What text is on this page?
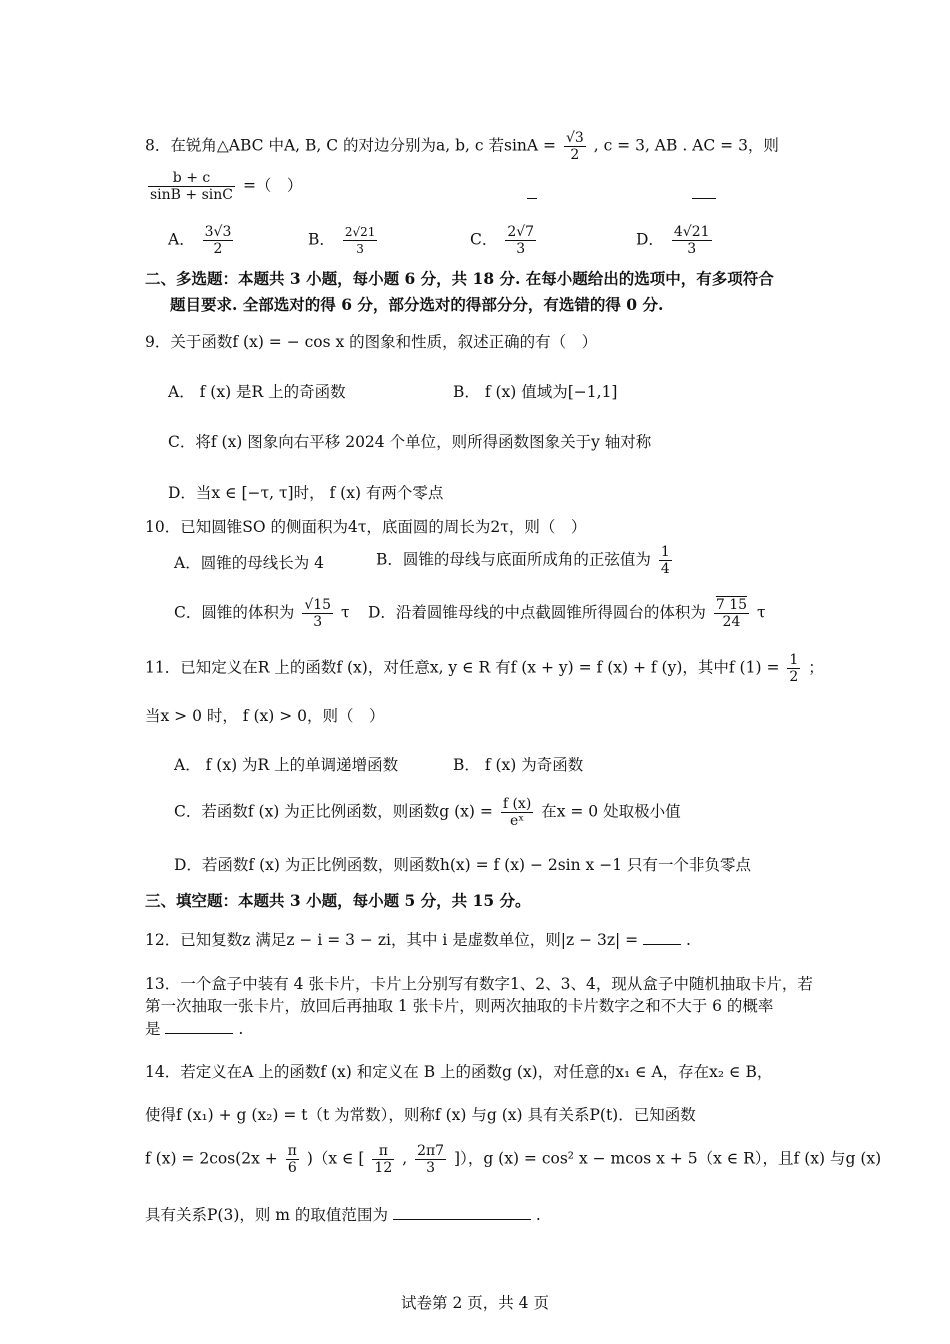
8．在锐角△ABC 中A, B, C 的对边分别为a, b, c 若$\sin A = \frac{√3}{2}$ , c = 3, AB . AC = 3，则
$\frac{b + c}{\sin B + \sin C}$ =（　）
A． $\frac{3√3}{2}$	B． $\frac{2√21}{3}$	C． $\frac{2√7}{3}$	D． $\frac{4√21}{3}$
二、多选题：本题共 3 小题，每小题 6 分，共 18 分. 在每小题给出的选项中，有多项符合
题目要求. 全部选对的得 6 分，部分选对的得部分分，有选错的得 0 分.
9．关于函数f (x) = − cos x 的图象和性质，叙述正确的有（　）
A． f (x) 是R 上的奇函数	B． f (x) 值域为[−1,1]
C．将f (x) 图象向右平移 2024 个单位，则所得函数图象关于y 轴对称
D．当x ∈ [−τ, τ]时， f (x) 有两个零点
10．已知圆锥SO 的侧面积为4τ，底面圆的周长为2τ，则（　）
A．圆锥的母线长为 4	B．圆锥的母线与底面所成角的正弦值为 $\frac{1}{4}$
C．圆锥的体积为 $\frac{√15}{3}$ τ D．沿着圆锥母线的中点截圆锥所得圆台的体积为 $\frac{7 15}{24}$ τ
11．已知定义在R 上的函数f (x)，对任意x, y ∈ R 有f (x + y) = f (x) + f (y)，其中f $(1) = \frac{1}{2}$ ；
当x > 0 时， f (x) > 0，则（　）
A． f (x) 为R 上的单调递增函数	B． f (x) 为奇函数
C．若函数f (x) 为正比例函数，则函数g $(x) = \frac{f (x)}{\text{eˣ}}$ 在x = 0 处取极小值
D．若函数f (x) 为正比例函数，则函数h(x) = f (x) − 2sin x −1 只有一个非负零点
三、填空题：本题共 3 小题，每小题 5 分，共 15 分。
12．已知复数z 满足z − i = 3 − zi，其中 i 是虚数单位，则|z − 3z| =	.
13．一个盒子中装有 4 张卡片，卡片上分别写有数字1、2、3、4，现从盒子中随机抽取卡片，若
第一次抽取一张卡片，放回后再抽取 1 张卡片，则两次抽取的卡片数字之和不大于 6 的概率
是	.
14．若定义在A 上的函数f (x) 和定义在 B 上的函数g (x)，对任意的x₁ ∈ A，存在x₂ ∈ B，
使得f (x₁) + g (x₂) = t（t 为常数），则称f (x) 与g (x) 具有关系P(t)．已知函数
f $(x) = 2\cos(2x + \frac{\pi}{6} )(x$ ∈ [ $\frac{\pi}{12}$ , $\frac{2\pi 7}{3}$ ]），g (x) = cos² x − mcos x + 5（x ∈ R），且f (x) 与g (x)
具有关系P(3)，则 m 的取值范围为	.
试卷第 2 页，共 4 页
